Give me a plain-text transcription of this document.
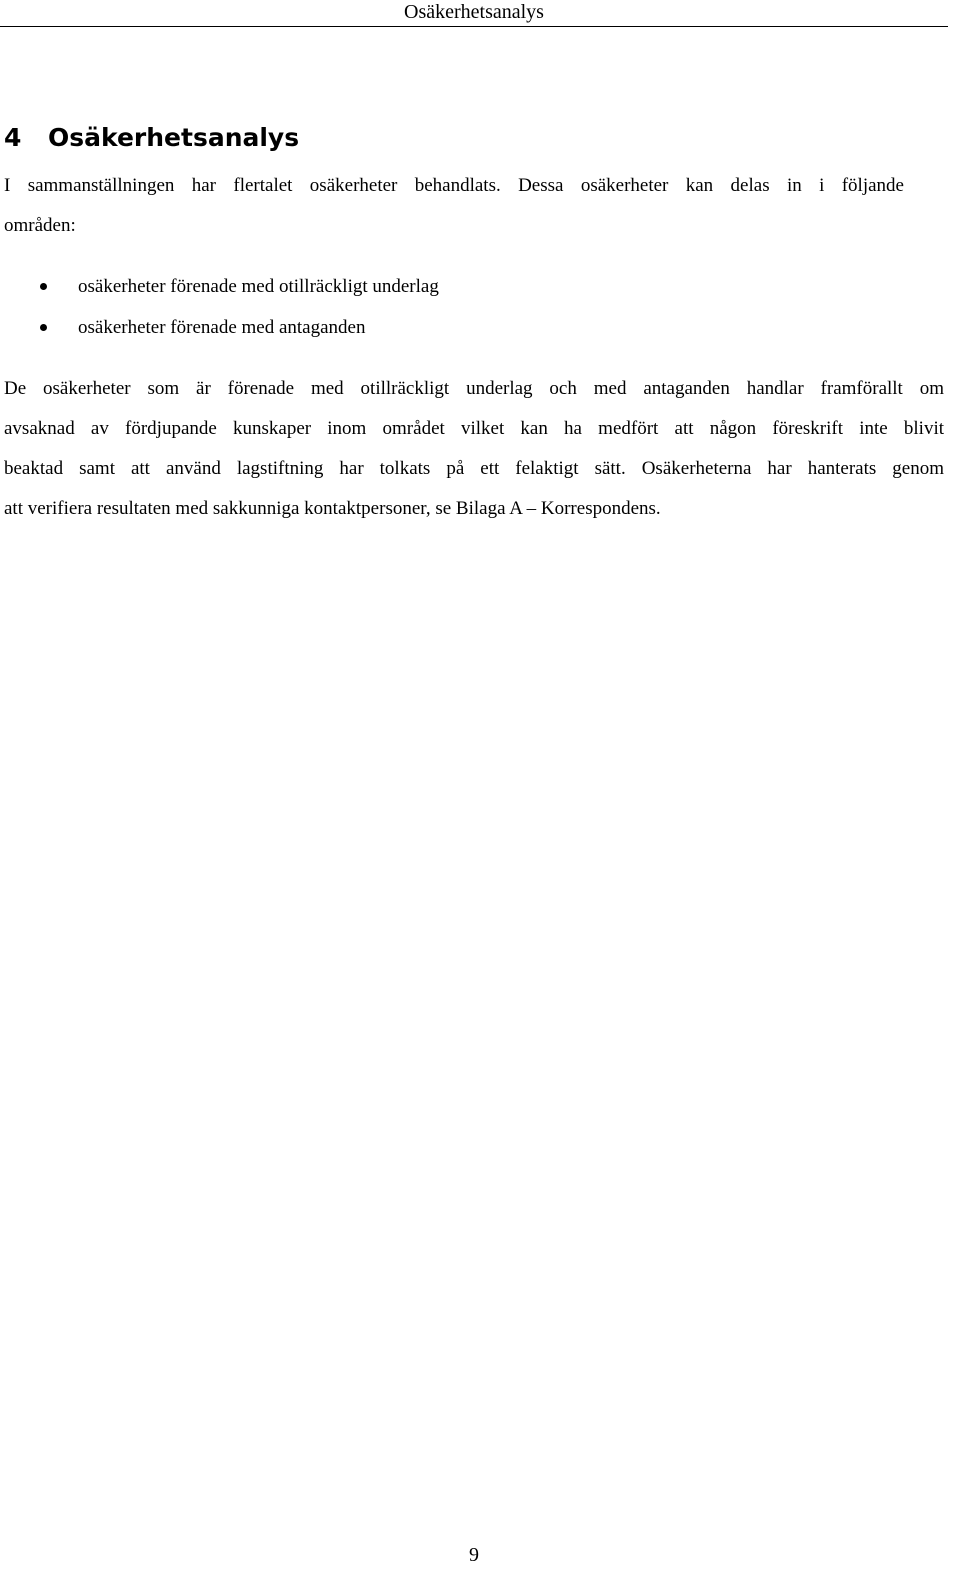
Osäkerhetsanalys
4 Osäkerhetsanalys

I sammanställningen har flertalet osäkerheter behandlats. Dessa osäkerheter kan delas in i följande
områden:

osäkerheter förenade med otillräckligt underlag
osäkerheter förenade med antaganden

De osäkerheter som är förenade med otillräckligt underlag och med antaganden handlar framförallt om
avsaknad av fördjupande kunskaper inom området vilket kan ha medfört att någon föreskrift inte blivit
beaktad samt att använd lagstiftning har tolkats på ett felaktigt sätt. Osäkerheterna har hanterats genom
att verifiera resultaten med sakkunniga kontaktpersoner, se Bilaga A – Korrespondens.

9
